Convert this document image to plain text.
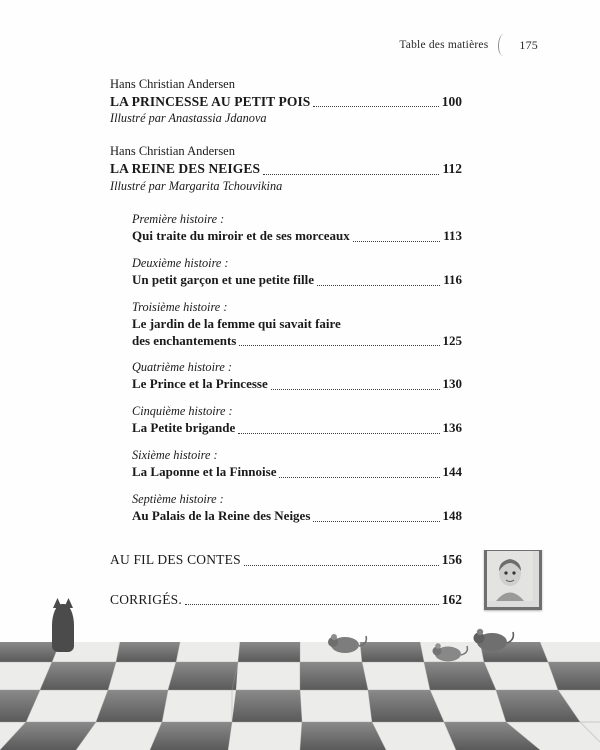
Table des matières	175
Hans Christian Andersen
LA PRINCESSE AU PETIT POIS	100
Illustré par Anastassia Jdanova
Hans Christian Andersen
LA REINE DES NEIGES	112
Illustré par Margarita Tchouvikina
Première histoire :
Qui traite du miroir et de ses morceaux	113
Deuxième histoire :
Un petit garçon et une petite fille	116
Troisième histoire :
Le jardin de la femme qui savait faire
des enchantements	125
Quatrième histoire :
Le Prince et la Princesse	130
Cinquième histoire :
La Petite brigande	136
Sixième histoire :
La Laponne et la Finnoise	144
Septième histoire :
Au Palais de la Reine des Neiges	148
AU FIL DES CONTES	156
CORRIGÉS.	162
